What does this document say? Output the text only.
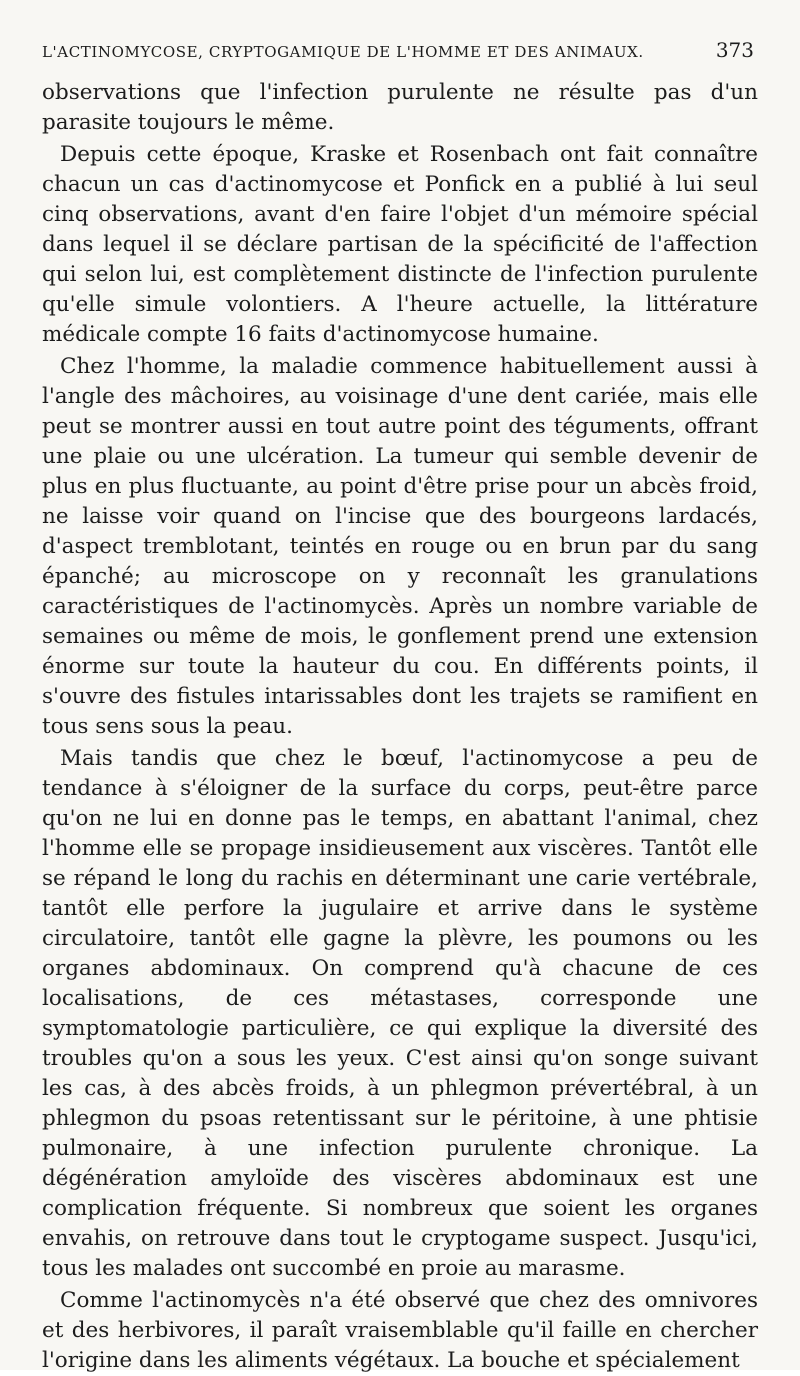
L'ACTINOMYCOSE, CRYPTOGAMIQUE DE L'HOMME ET DES ANIMAUX.	373

observations que l'infection purulente ne résulte pas d'un parasite toujours le même.

Depuis cette époque, Kraske et Rosenbach ont fait connaître chacun un cas d'actinomycose et Ponfick en a publié à lui seul cinq observations, avant d'en faire l'objet d'un mémoire spécial dans lequel il se déclare partisan de la spécificité de l'affection qui selon lui, est complètement distincte de l'infection purulente qu'elle simule volontiers. A l'heure actuelle, la littérature médicale compte 16 faits d'actinomycose humaine.

Chez l'homme, la maladie commence habituellement aussi à l'angle des mâchoires, au voisinage d'une dent cariée, mais elle peut se montrer aussi en tout autre point des téguments, offrant une plaie ou une ulcération. La tumeur qui semble devenir de plus en plus fluctuante, au point d'être prise pour un abcès froid, ne laisse voir quand on l'incise que des bourgeons lardacés, d'aspect tremblotant, teintés en rouge ou en brun par du sang épanché; au microscope on y reconnaît les granulations caractéristiques de l'actinomycès. Après un nombre variable de semaines ou même de mois, le gonflement prend une extension énorme sur toute la hauteur du cou. En différents points, il s'ouvre des fistules intarissables dont les trajets se ramifient en tous sens sous la peau.

Mais tandis que chez le bœuf, l'actinomycose a peu de tendance à s'éloigner de la surface du corps, peut-être parce qu'on ne lui en donne pas le temps, en abattant l'animal, chez l'homme elle se propage insidieusement aux viscères. Tantôt elle se répand le long du rachis en déterminant une carie vertébrale, tantôt elle perfore la jugulaire et arrive dans le système circulatoire, tantôt elle gagne la plèvre, les poumons ou les organes abdominaux. On comprend qu'à chacune de ces localisations, de ces métastases, corresponde une symptomatologie particulière, ce qui explique la diversité des troubles qu'on a sous les yeux. C'est ainsi qu'on songe suivant les cas, à des abcès froids, à un phlegmon prévertébral, à un phlegmon du psoas retentissant sur le péritoine, à une phtisie pulmonaire, à une infection purulente chronique. La dégénération amyloïde des viscères abdominaux est une complication fréquente. Si nombreux que soient les organes envahis, on retrouve dans tout le cryptogame suspect. Jusqu'ici, tous les malades ont succombé en proie au marasme.

Comme l'actinomycès n'a été observé que chez des omnivores et des herbivores, il paraît vraisemblable qu'il faille en chercher l'origine dans les aliments végétaux. La bouche et spécialement
